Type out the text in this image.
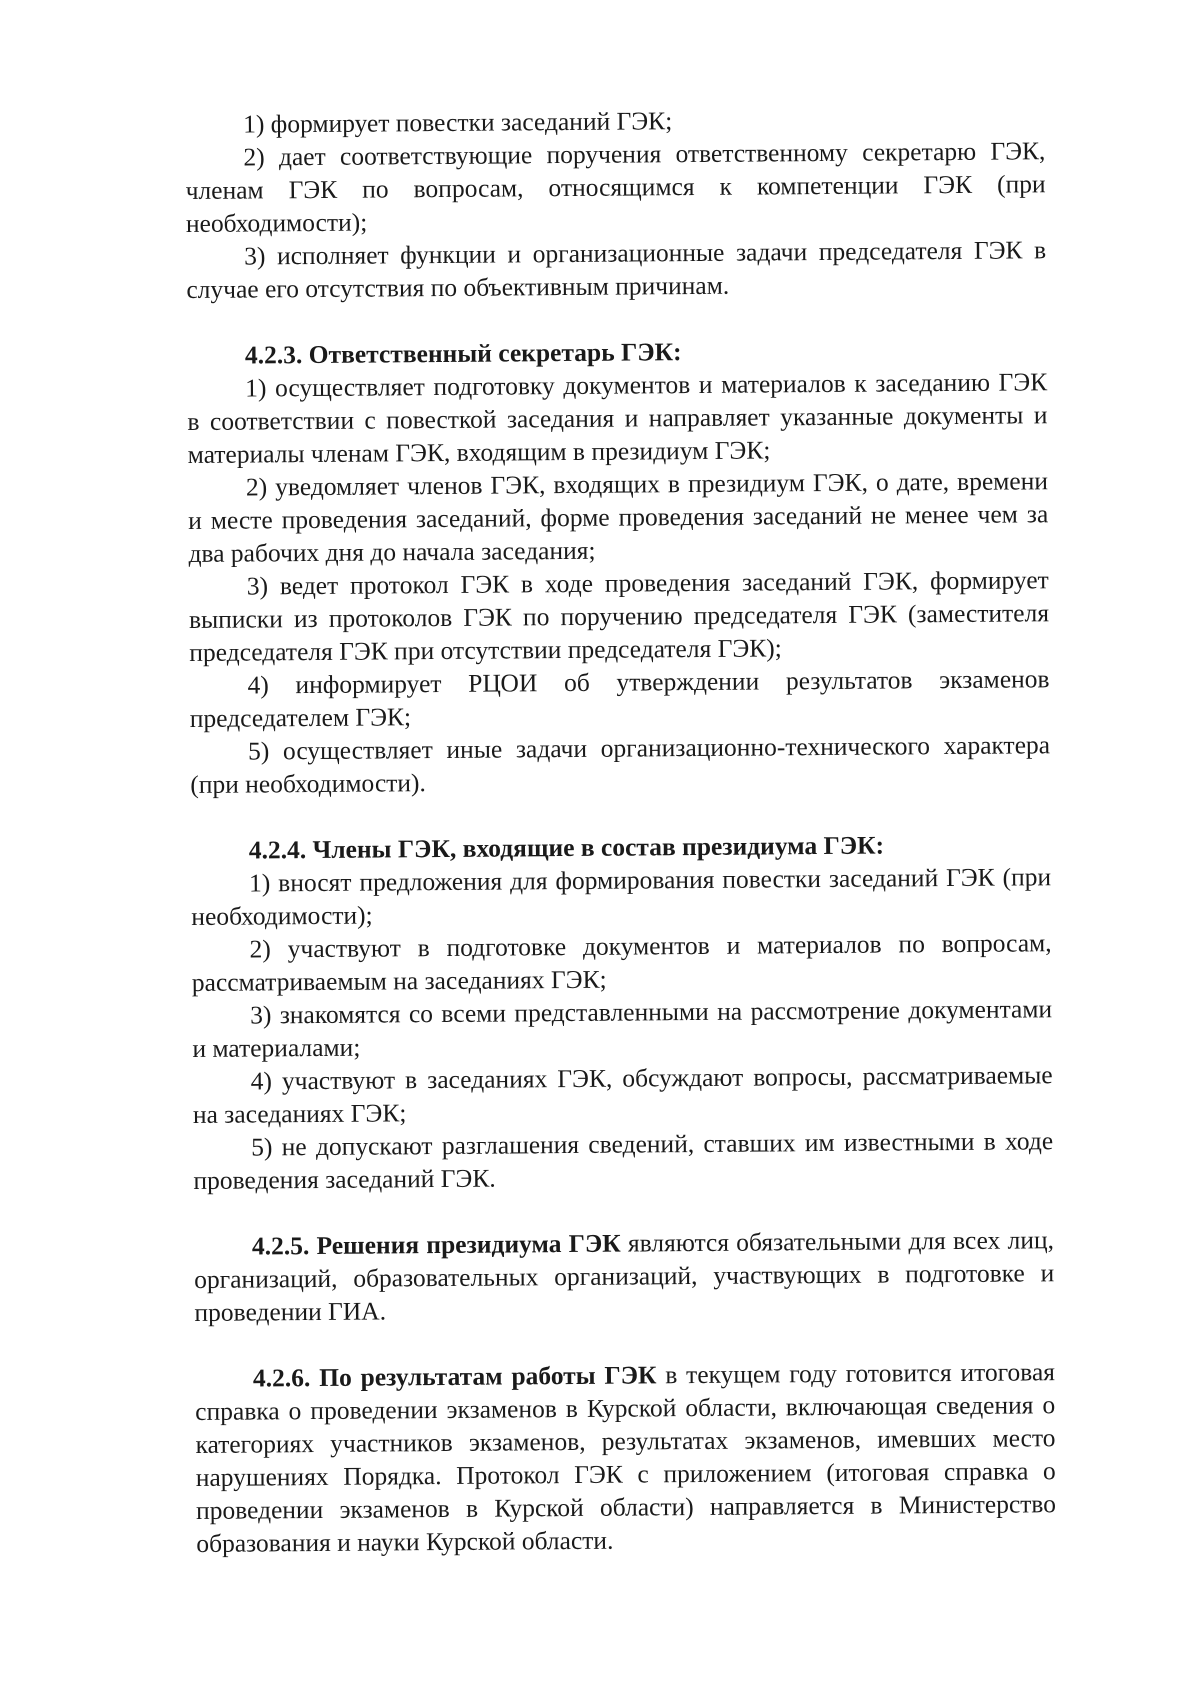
1) формирует повестки заседаний ГЭК;

2) дает соответствующие поручения ответственному секретарю ГЭК, членам ГЭК по вопросам, относящимся к компетенции ГЭК (при необходимости);

3) исполняет функции и организационные задачи председателя ГЭК в случае его отсутствия по объективным причинам.

4.2.3. Ответственный секретарь ГЭК:

1) осуществляет подготовку документов и материалов к заседанию ГЭК в соответствии с повесткой заседания и направляет указанные документы и материалы членам ГЭК, входящим в президиум ГЭК;

2) уведомляет членов ГЭК, входящих в президиум ГЭК, о дате, времени и месте проведения заседаний, форме проведения заседаний не менее чем за два рабочих дня до начала заседания;

3) ведет протокол ГЭК в ходе проведения заседаний ГЭК, формирует выписки из протоколов ГЭК по поручению председателя ГЭК (заместителя председателя ГЭК при отсутствии председателя ГЭК);

4) информирует РЦОИ об утверждении результатов экзаменов председателем ГЭК;

5) осуществляет иные задачи организационно-технического характера (при необходимости).

4.2.4. Члены ГЭК, входящие в состав президиума ГЭК:

1) вносят предложения для формирования повестки заседаний ГЭК (при необходимости);

2) участвуют в подготовке документов и материалов по вопросам, рассматриваемым на заседаниях ГЭК;

3) знакомятся со всеми представленными на рассмотрение документами и материалами;

4) участвуют в заседаниях ГЭК, обсуждают вопросы, рассматриваемые на заседаниях ГЭК;

5) не допускают разглашения сведений, ставших им известными в ходе проведения заседаний ГЭК.

4.2.5. Решения президиума ГЭК являются обязательными для всех лиц, организаций, образовательных организаций, участвующих в подготовке и проведении ГИА.

4.2.6. По результатам работы ГЭК в текущем году готовится итоговая справка о проведении экзаменов в Курской области, включающая сведения о категориях участников экзаменов, результатах экзаменов, имевших место нарушениях Порядка. Протокол ГЭК с приложением (итоговая справка о проведении экзаменов в Курской области) направляется в Министерство образования и науки Курской области.
